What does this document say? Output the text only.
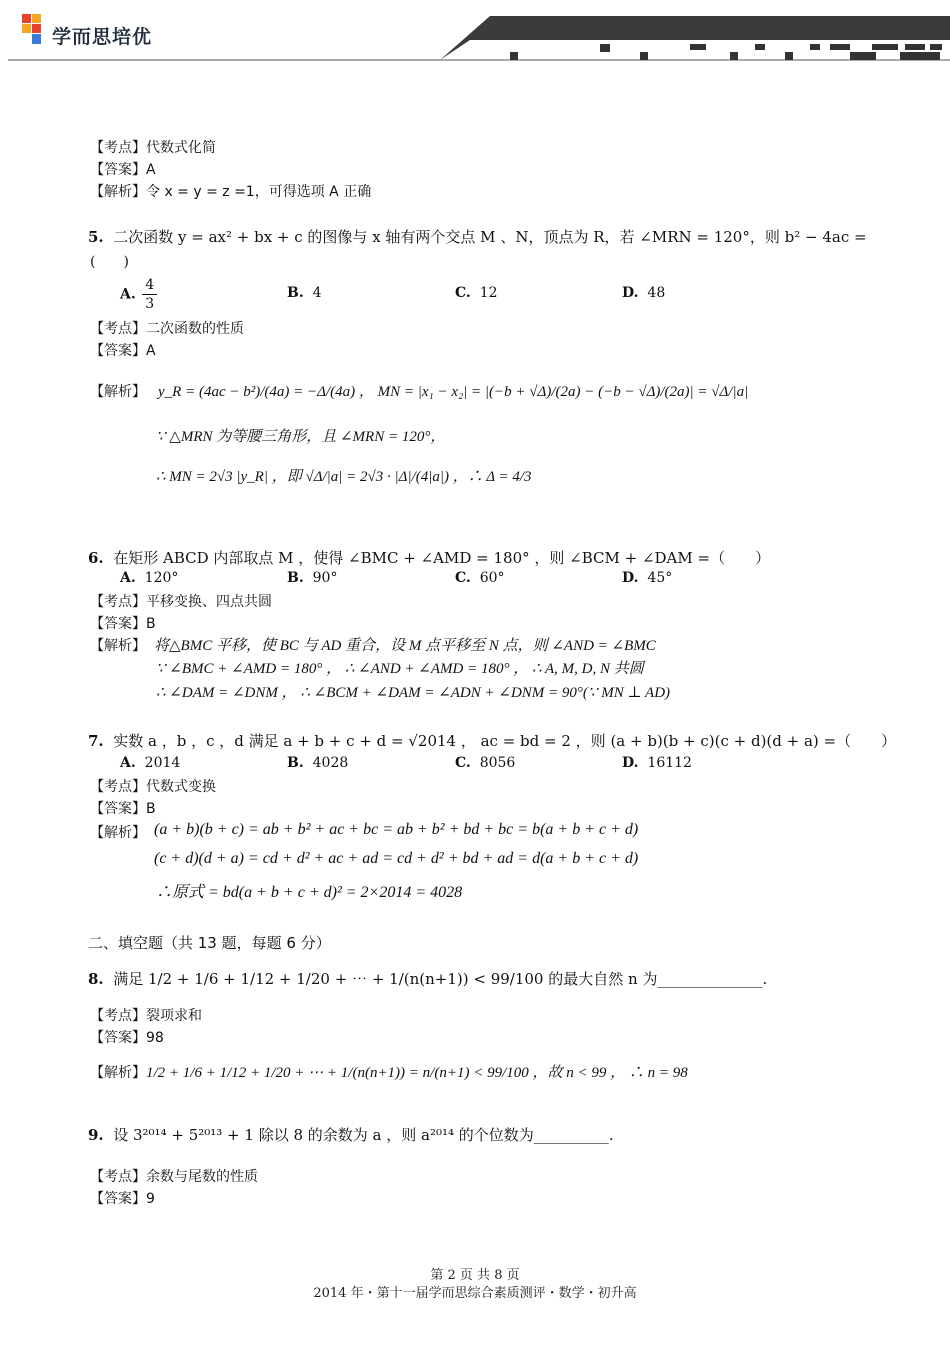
学而思培优
【考点】代数式化简
【答案】A
【解析】令 x = y = z =1，可得选项 A 正确
5. 二次函数 y = ax² + bx + c 的图像与 x 轴有两个交点 M 、N，顶点为 R，若 ∠MRN = 120°，则 b² − 4ac =
(　　)
A. $\frac{4}{3}$	B. 4	C. 12	D. 48
【考点】二次函数的性质
【答案】A
【解析】 y_R = (4ac − b²)/(4a) = −Δ/(4a) ， MN = |x₁ − x₂| = |(−b + √Δ)/(2a) − (−b − √Δ)/(2a)| = √Δ/|a|
∵ △MRN 为等腰三角形，且 ∠MRN = 120°，
∴ MN = 2√3 |y_R| ，即 √Δ/|a| = 2√3 · |Δ|/(4|a|) ，∴ Δ = 4/3
6. 在矩形 ABCD 内部取点 M ，使得 ∠BMC + ∠AMD = 180° ，则 ∠BCM + ∠DAM =（　　）
A. 120°	B. 90°	C. 60°	D. 45°
【考点】平移变换、四点共圆
【答案】B
【解析】 将△BMC 平移，使 BC 与 AD 重合，设 M 点平移至 N 点，则 ∠AND = ∠BMC
∵ ∠BMC + ∠AMD = 180° ， ∴ ∠AND + ∠AMD = 180° ， ∴ A, M, D, N 共圆
∴ ∠DAM = ∠DNM ， ∴ ∠BCM + ∠DAM = ∠ADN + ∠DNM = 90°(∵ MN ⊥ AD)
7. 实数 a ，b ，c ，d 满足 a + b + c + d = √2014 ， ac = bd = 2 ，则 (a + b)(b + c)(c + d)(d + a) =（　　）
A. 2014	B. 4028	C. 8056	D. 16112
【考点】代数式变换
【答案】B
【解析】 (a + b)(b + c) = ab + b² + ac + bc = ab + b² + bd + bc = b(a + b + c + d)
(c + d)(d + a) = cd + d² + ac + ad = cd + d² + bd + ad = d(a + b + c + d)
∴原式 = bd(a + b + c + d)² = 2×2014 = 4028
二、填空题（共 13 题，每题 6 分）
8. 满足 1/2 + 1/6 + 1/12 + 1/20 + ⋯ + 1/(n(n+1)) < 99/100 的最大自然 n 为______________.
【考点】裂项求和
【答案】98
【解析】1/2 + 1/6 + 1/12 + 1/20 + ⋯ + 1/(n(n+1)) = n/(n+1) < 99/100 ，故 n < 99 ， ∴ n = 98
9. 设 3²⁰¹⁴ + 5²⁰¹³ + 1 除以 8 的余数为 a ，则 a²⁰¹⁴ 的个位数为__________.
【考点】余数与尾数的性质
【答案】9
第 2 页 共 8 页
2014 年・第十一届学而思综合素质测评・数学・初升高
